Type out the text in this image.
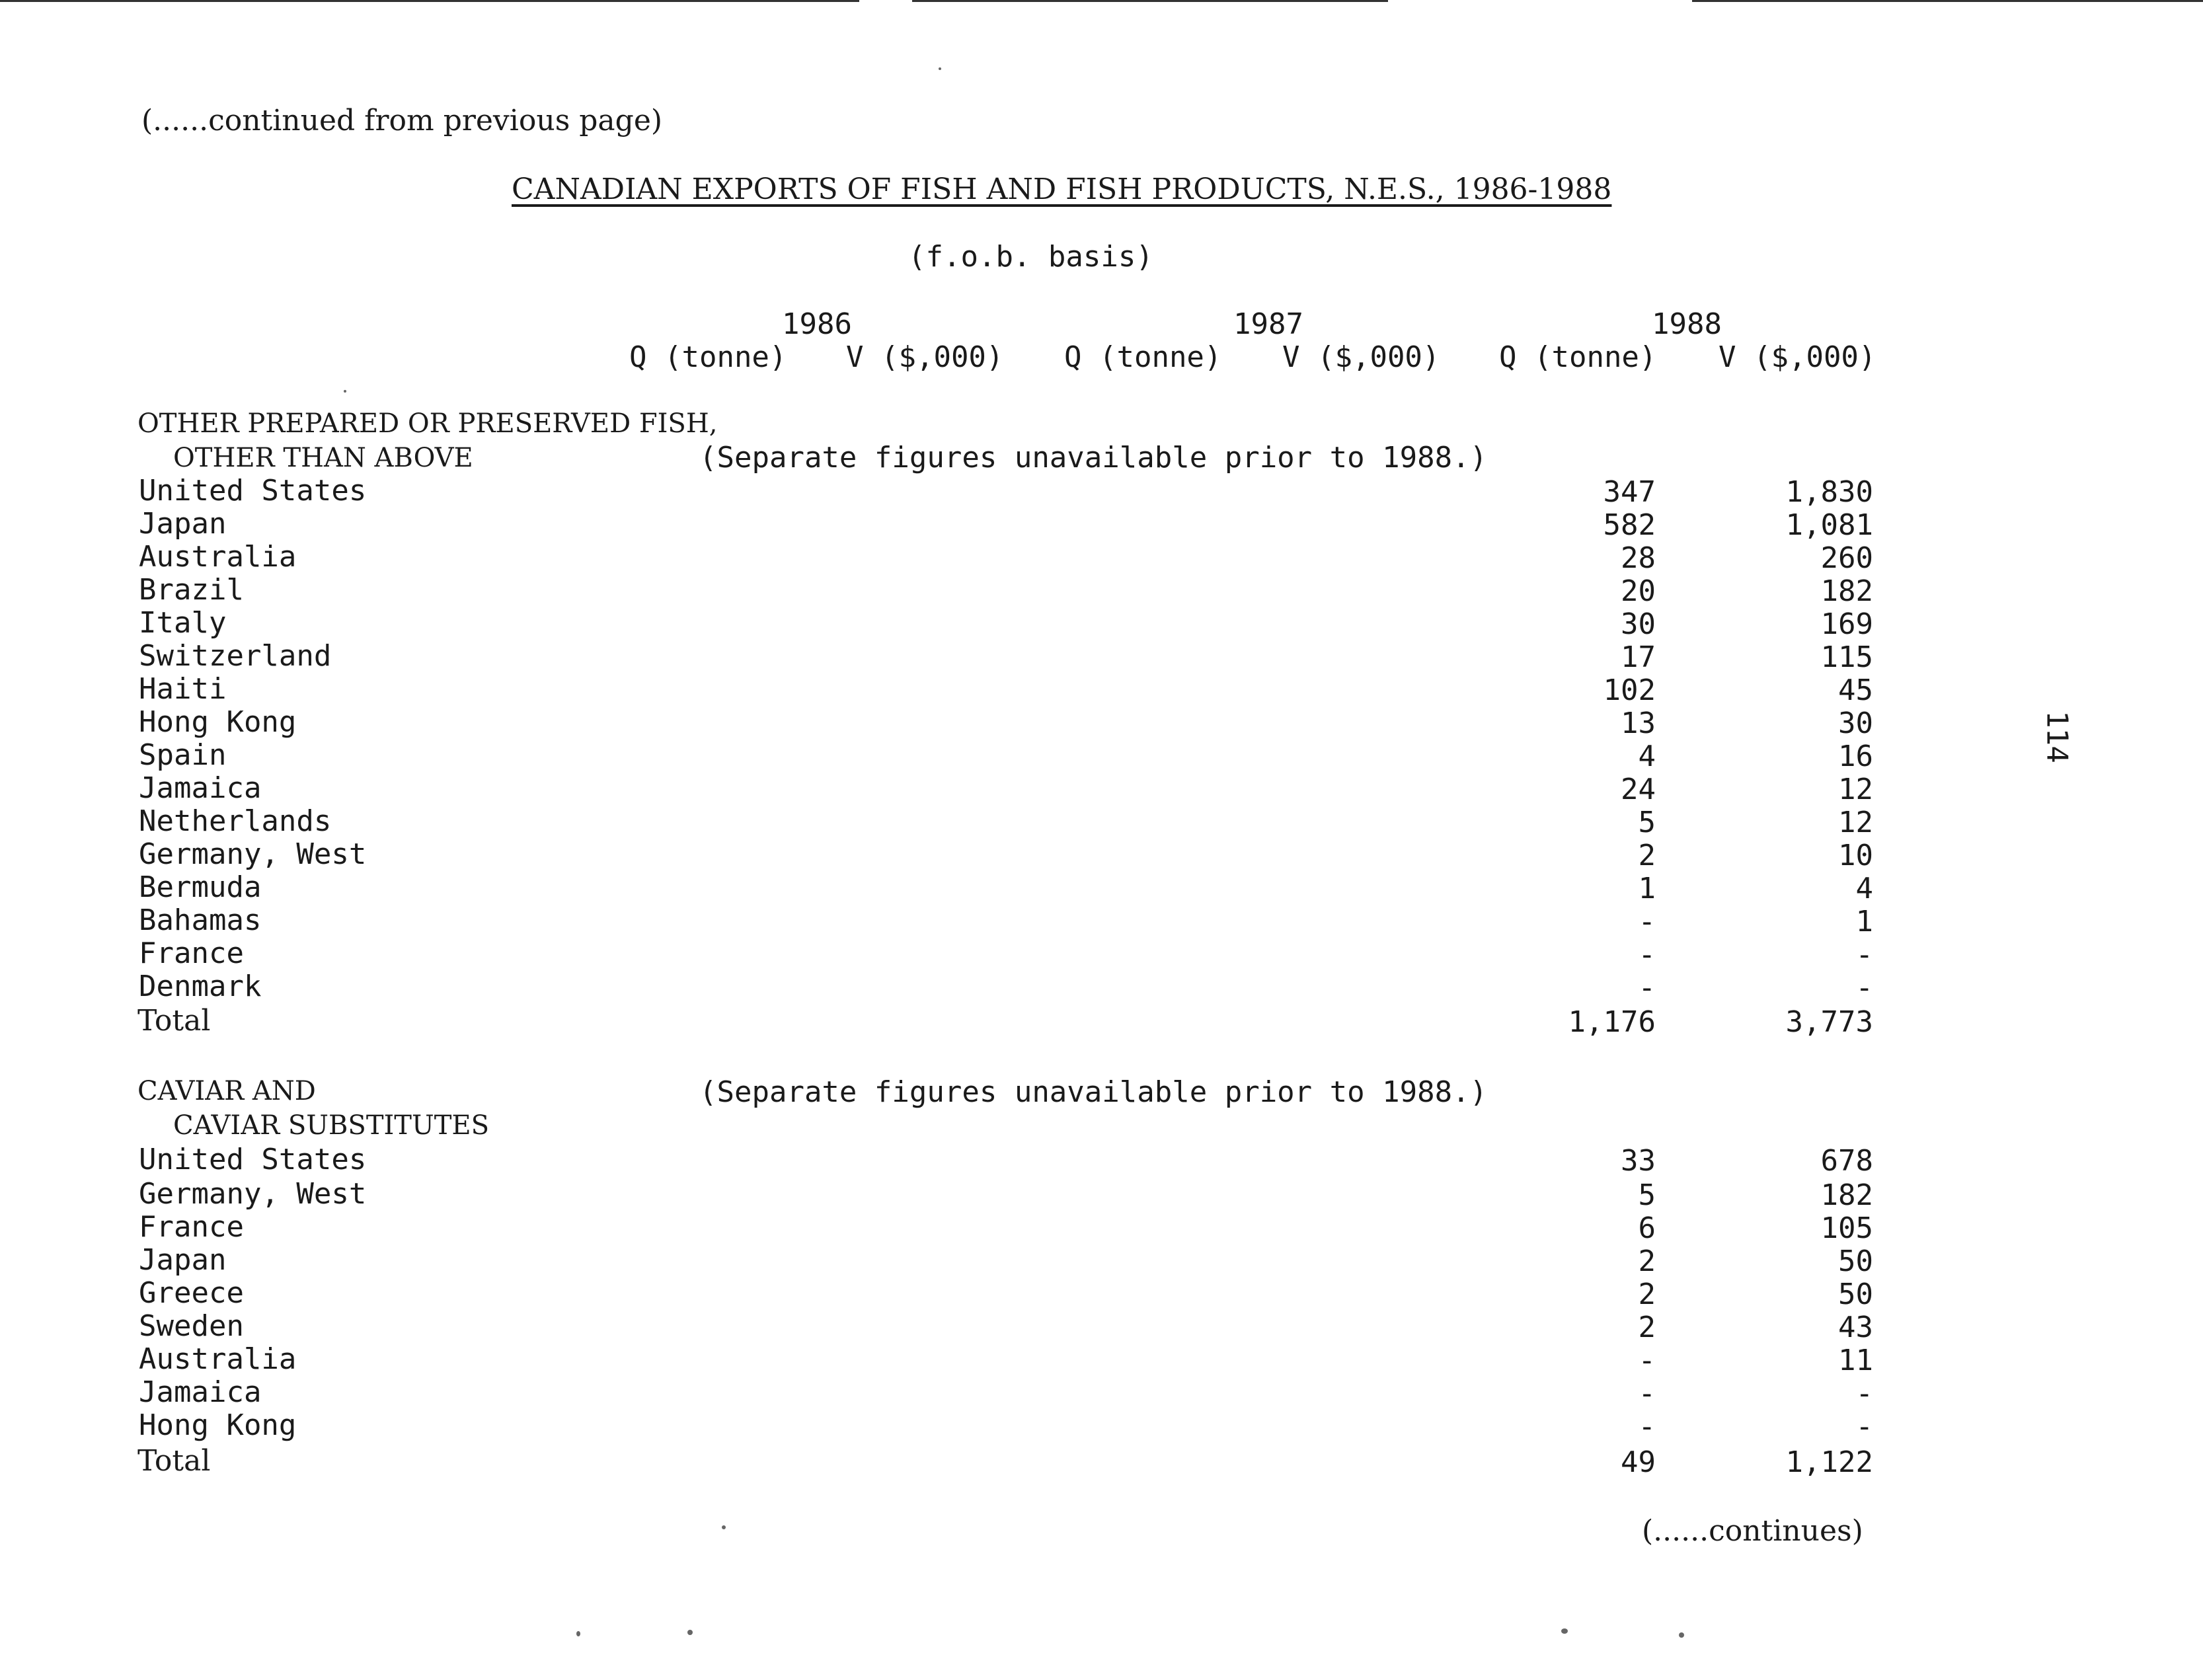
(......continued from previous page)
CANADIAN EXPORTS OF FISH AND FISH PRODUCTS, N.E.S., 1986-1988
(f.o.b. basis)
1986	1987	1988
Q (tonne) V ($,000) Q (tonne) V ($,000) Q (tonne) V ($,000)
OTHER PREPARED OR PRESERVED FISH,
OTHER THAN ABOVE	(Separate figures unavailable prior to 1988.)
United States	347	1,830
Japan	582	1,081
Australia	28	260
Brazil	20	182
Italy	30	169
Switzerland	17	115
Haiti	102	45
Hong Kong	13	30
Spain	4	16
Jamaica	24	12
Netherlands	5	12
Germany, West	2	10
Bermuda	1	4
Bahamas	-	1
France	-	-
Denmark	-	-
Total	1,176	3,773
CAVIAR AND
CAVIAR SUBSTITUTES
(Separate figures unavailable prior to 1988.)
United States	33	678
Germany, West	5	182
France	6	105
Japan	2	50
Greece	2	50
Sweden	2	43
Australia	-	11
Jamaica	-	-
Hong Kong	-	-
Total	49	1,122
(......continues)
114
